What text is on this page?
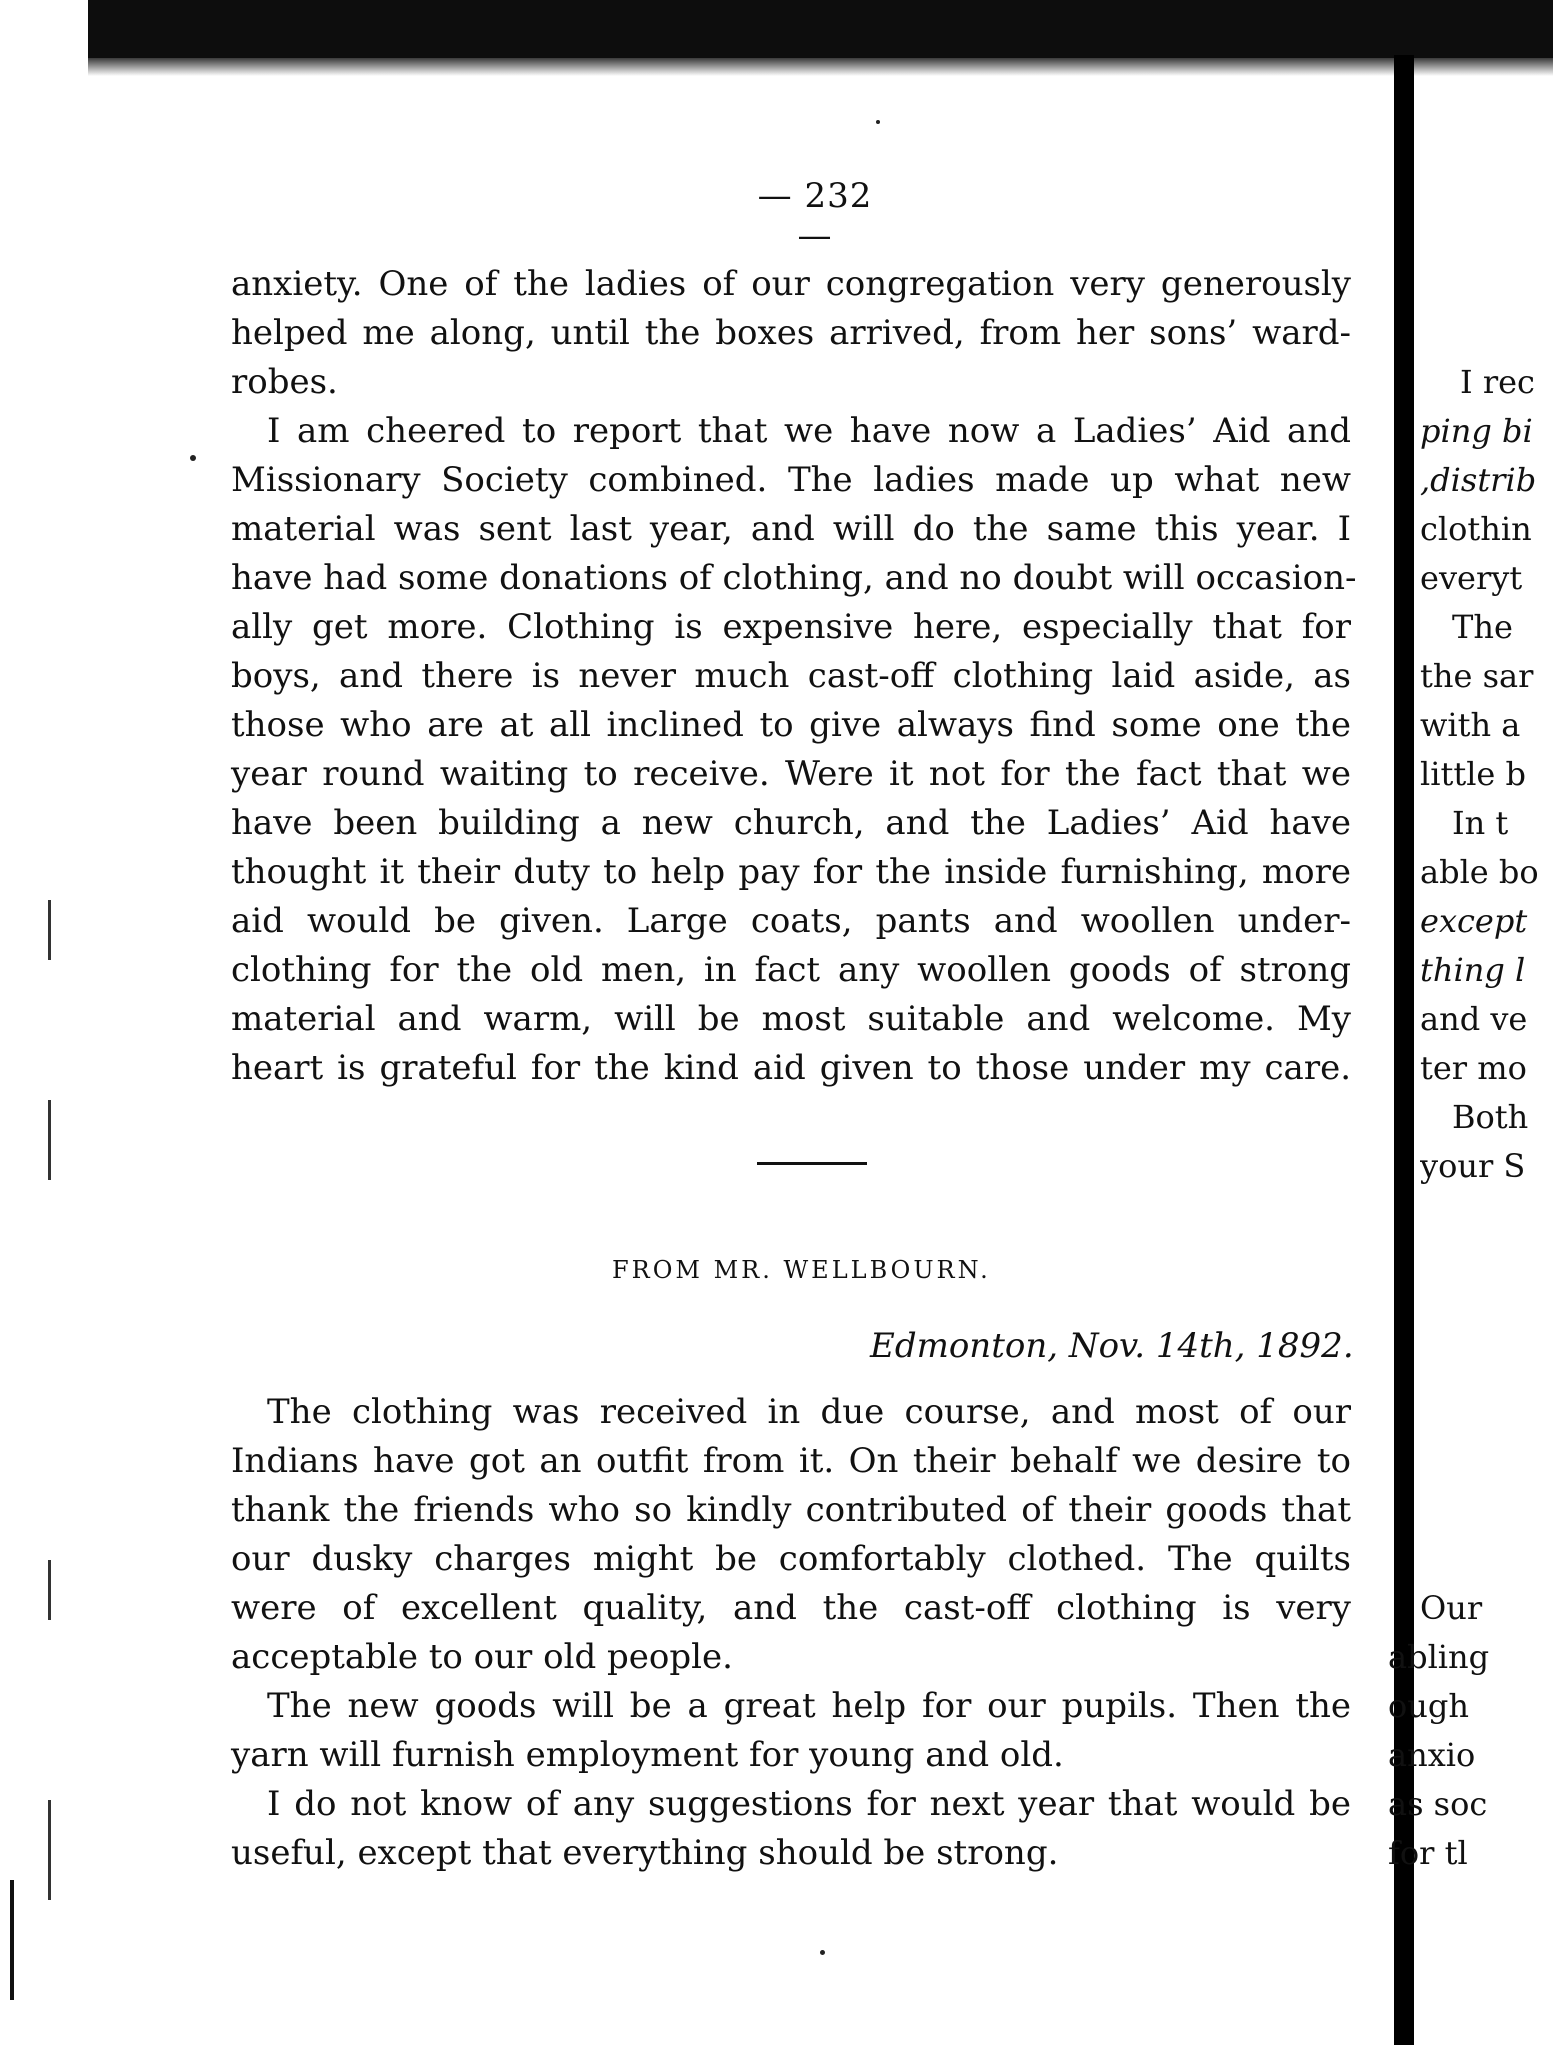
— 232 —
anxiety. One of the ladies of our congregation very generously
helped me along, until the boxes arrived, from her sons’ ward-
robes.
I am cheered to report that we have now a Ladies’ Aid and
Missionary Society combined. The ladies made up what new
material was sent last year, and will do the same this year. I
have had some donations of clothing, and no doubt will occasion-
ally get more. Clothing is expensive here, especially that for
boys, and there is never much cast-off clothing laid aside, as
those who are at all inclined to give always find some one the
year round waiting to receive. Were it not for the fact that we
have been building a new church, and the Ladies’ Aid have
thought it their duty to help pay for the inside furnishing, more
aid would be given. Large coats, pants and woollen under-
clothing for the old men, in fact any woollen goods of strong
material and warm, will be most suitable and welcome. My
heart is grateful for the kind aid given to those under my care.
FROM MR. WELLBOURN.
Edmonton, Nov. 14th, 1892.
The clothing was received in due course, and most of our
Indians have got an outfit from it. On their behalf we desire to
thank the friends who so kindly contributed of their goods that
our dusky charges might be comfortably clothed. The quilts
were of excellent quality, and the cast-off clothing is very
acceptable to our old people.
The new goods will be a great help for our pupils. Then the
yarn will furnish employment for young and old.
I do not know of any suggestions for next year that would be
useful, except that everything should be strong.
I rec
ping bi
,distrib
clothin
everyt
The
the sar
with a
little b
In t
able bo
except
thing l
and ve
ter mo
Both
your S
Our
abling
ough
anxio
as soc
for tl
